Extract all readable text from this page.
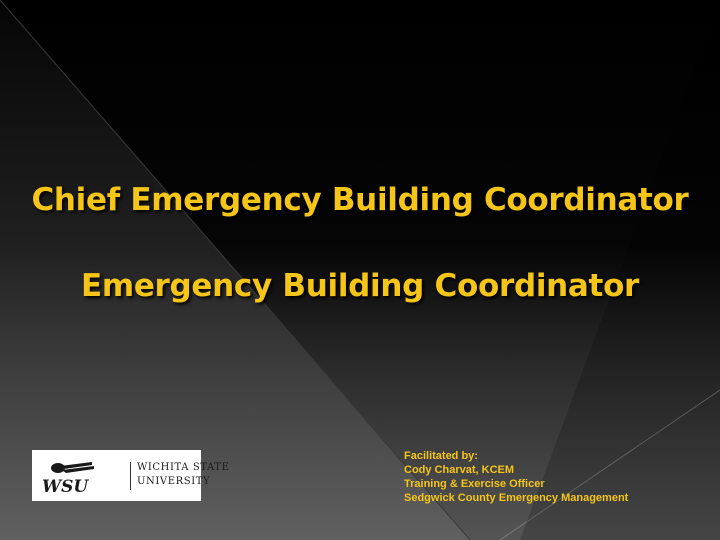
Chief Emergency Building Coordinator
Emergency Building Coordinator
WSU
WICHITA STATE
UNIVERSITY
Facilitated by:
Cody Charvat, KCEM
Training & Exercise Officer
Sedgwick County Emergency Management
